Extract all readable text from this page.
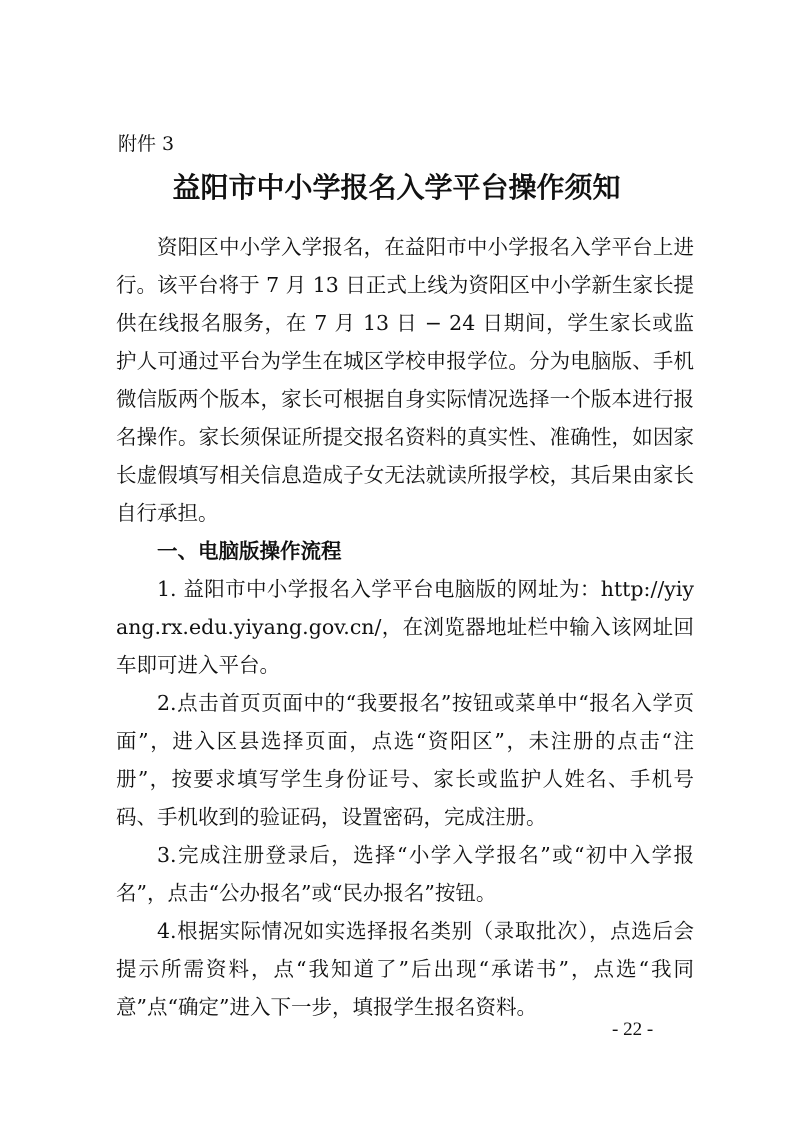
附件 3
益阳市中小学报名入学平台操作须知

资阳区中小学入学报名，在益阳市中小学报名入学平台上进行。该平台将于 7 月 13 日正式上线为资阳区中小学新生家长提供在线报名服务，在 7 月 13 日 − 24 日期间，学生家长或监护人可通过平台为学生在城区学校申报学位。分为电脑版、手机微信版两个版本，家长可根据自身实际情况选择一个版本进行报名操作。家长须保证所提交报名资料的真实性、准确性，如因家长虚假填写相关信息造成子女无法就读所报学校，其后果由家长自行承担。

一、电脑版操作流程

1. 益阳市中小学报名入学平台电脑版的网址为：http://yiyang.rx.edu.yiyang.gov.cn/，在浏览器地址栏中输入该网址回车即可进入平台。

2.点击首页页面中的“我要报名”按钮或菜单中“报名入学页面”，进入区县选择页面，点选“资阳区”，未注册的点击“注册”，按要求填写学生身份证号、家长或监护人姓名、手机号码、手机收到的验证码，设置密码，完成注册。

3.完成注册登录后，选择“小学入学报名”或“初中入学报名”，点击“公办报名”或“民办报名”按钮。

4.根据实际情况如实选择报名类别（录取批次），点选后会提示所需资料，点“我知道了”后出现“承诺书”，点选“我同意”点“确定”进入下一步，填报学生报名资料。

- 22 -
